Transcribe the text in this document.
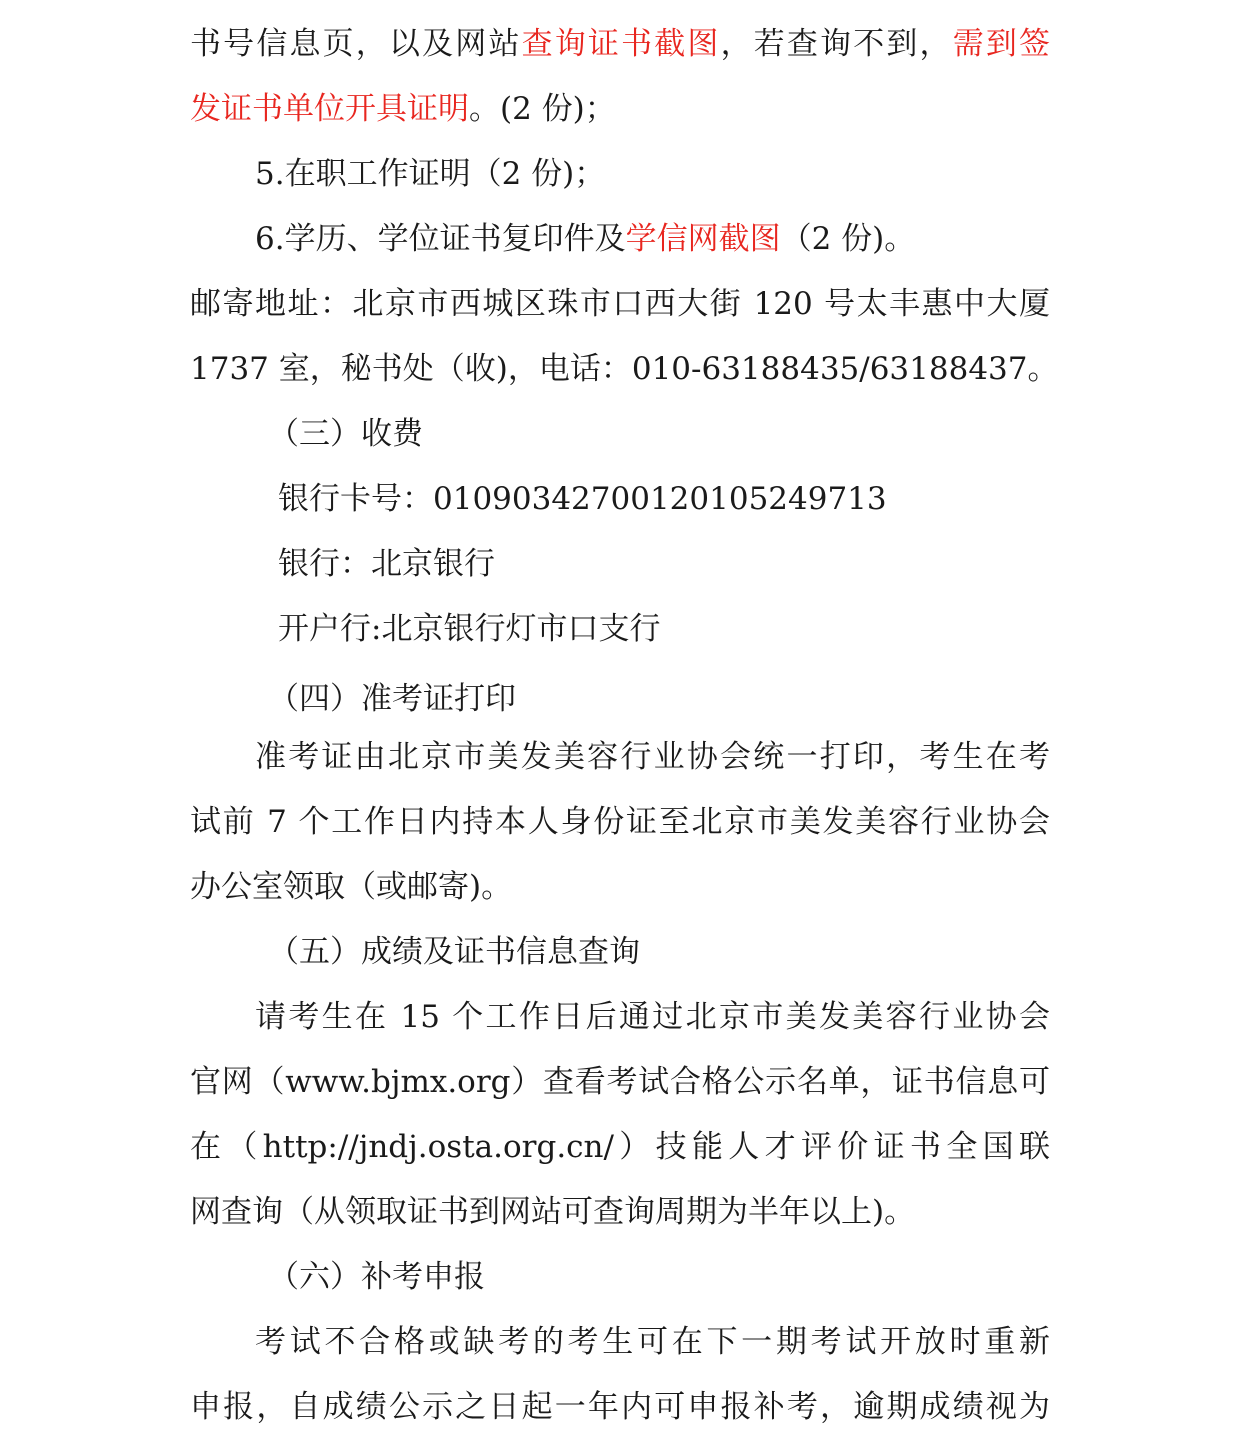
书号信息页，以及网站查询证书截图，若查询不到，需到签
发证书单位开具证明。(2 份)；
5.在职工作证明（2 份)；
6.学历、学位证书复印件及学信网截图（2 份)。
邮寄地址：北京市西城区珠市口西大街 120 号太丰惠中大厦
1737 室，秘书处（收)，电话：010-63188435/63188437。
（三）收费
银行卡号：01090342700120105249713
银行：北京银行
开户行:北京银行灯市口支行
（四）准考证打印
准考证由北京市美发美容行业协会统一打印，考生在考
试前 7 个工作日内持本人身份证至北京市美发美容行业协会
办公室领取（或邮寄)。
（五）成绩及证书信息查询
请考生在 15 个工作日后通过北京市美发美容行业协会
官网（www.bjmx.org）查看考试合格公示名单，证书信息可
在（http://jndj.osta.org.cn/）技能人才评价证书全国联
网查询（从领取证书到网站可查询周期为半年以上)。
（六）补考申报
考试不合格或缺考的考生可在下一期考试开放时重新
申报，自成绩公示之日起一年内可申报补考，逾期成绩视为
